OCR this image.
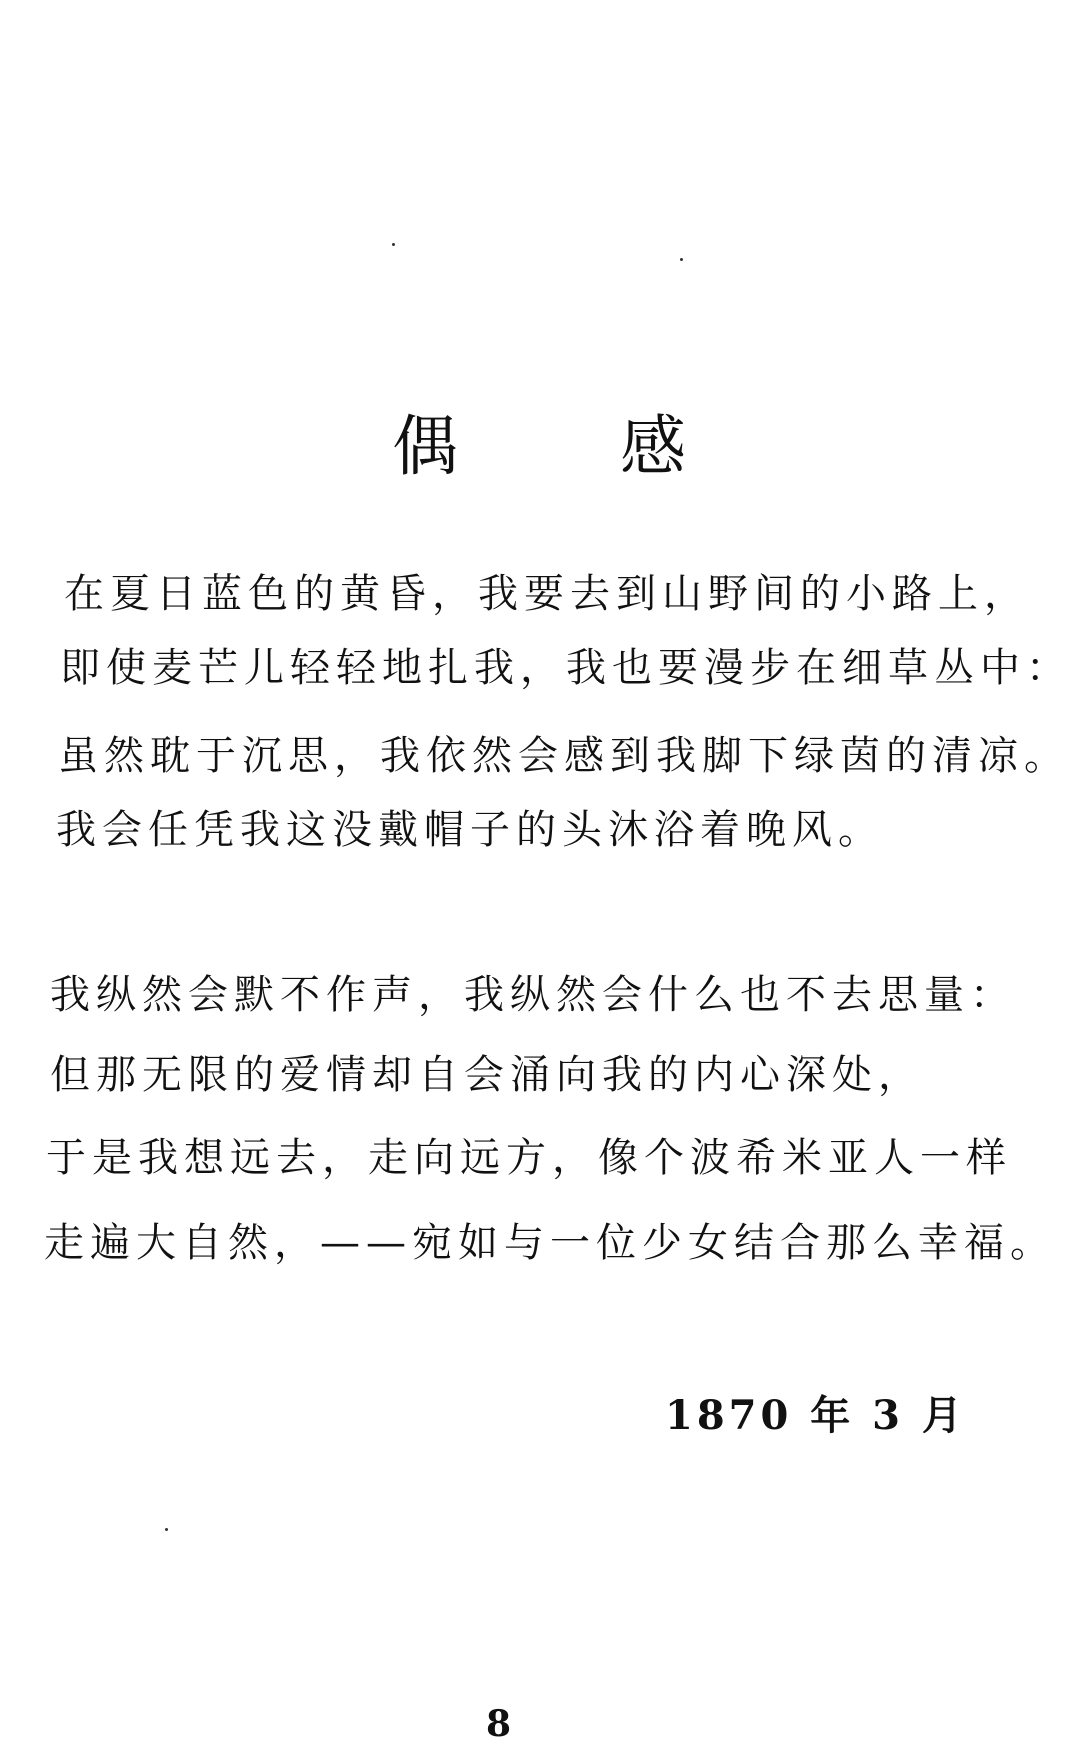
偶 感
在夏日蓝色的黄昏，我要去到山野间的小路上，
即使麦芒儿轻轻地扎我，我也要漫步在细草丛中：
虽然耽于沉思，我依然会感到我脚下绿茵的清凉。
我会任凭我这没戴帽子的头沐浴着晚风。
我纵然会默不作声，我纵然会什么也不去思量：
但那无限的爱情却自会涌向我的内心深处，
于是我想远去，走向远方，像个波希米亚人一样
走遍大自然，——宛如与一位少女结合那么幸福。
1870 年 3 月
8
